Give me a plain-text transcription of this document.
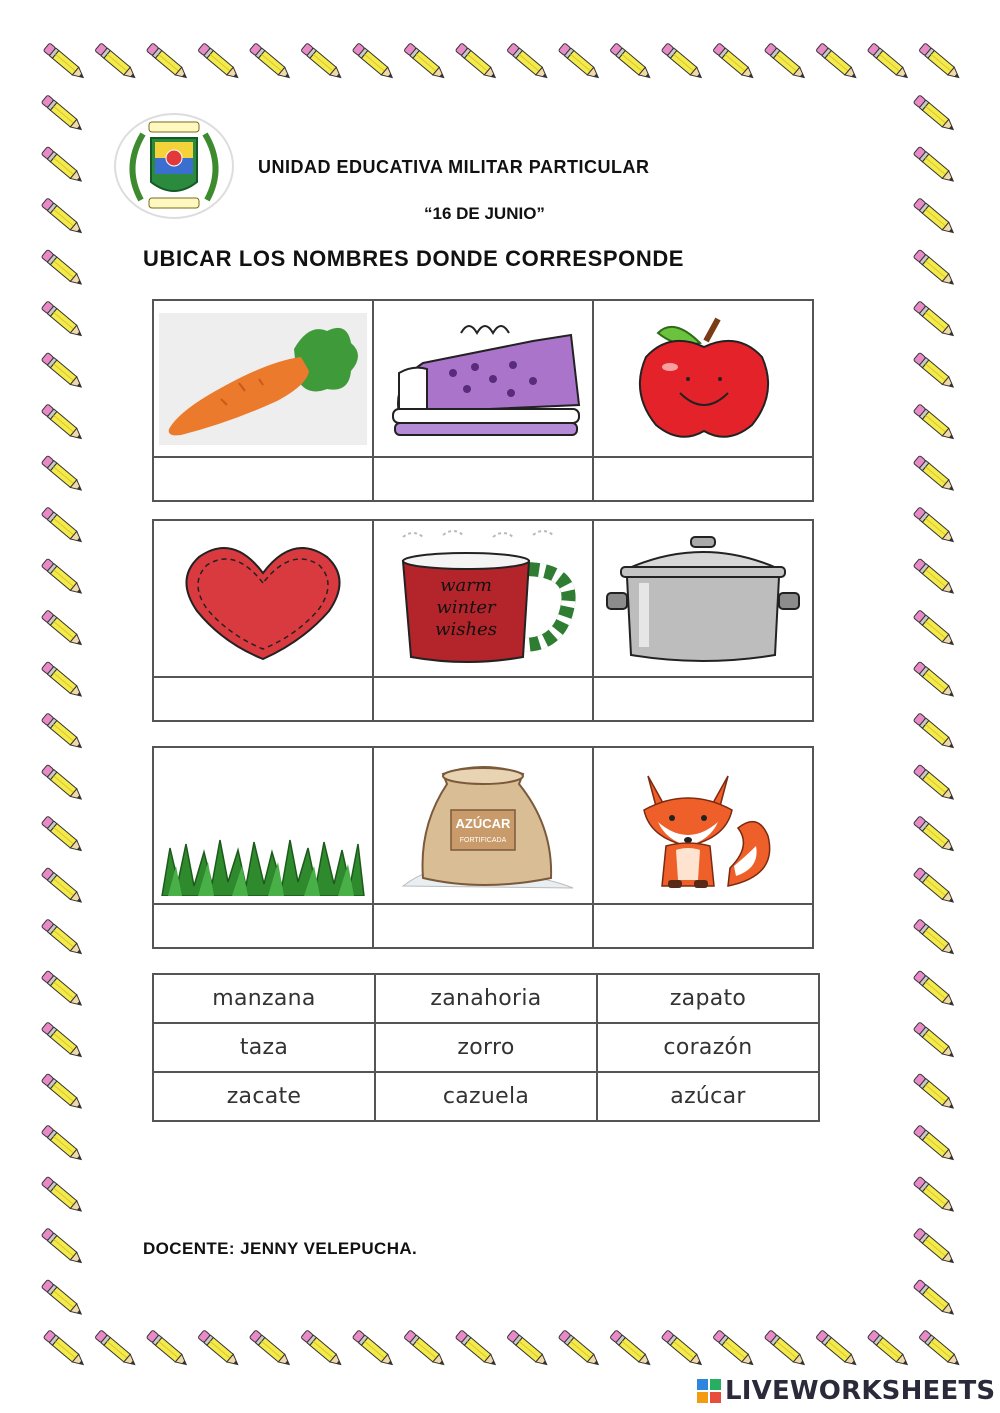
UNIDAD EDUCATIVA MILITAR PARTICULAR
“16 DE JUNIO”
UBICAR LOS NOMBRES DONDE CORRESPONDE

warm
winter
wishes

AZÚCAR
FORTIFICADA

manzana	zanahoria	zapato
taza	zorro	corazón
zacate	cazuela	azúcar
DOCENTE: JENNY VELEPUCHA.
LIVEWORKSHEETS
